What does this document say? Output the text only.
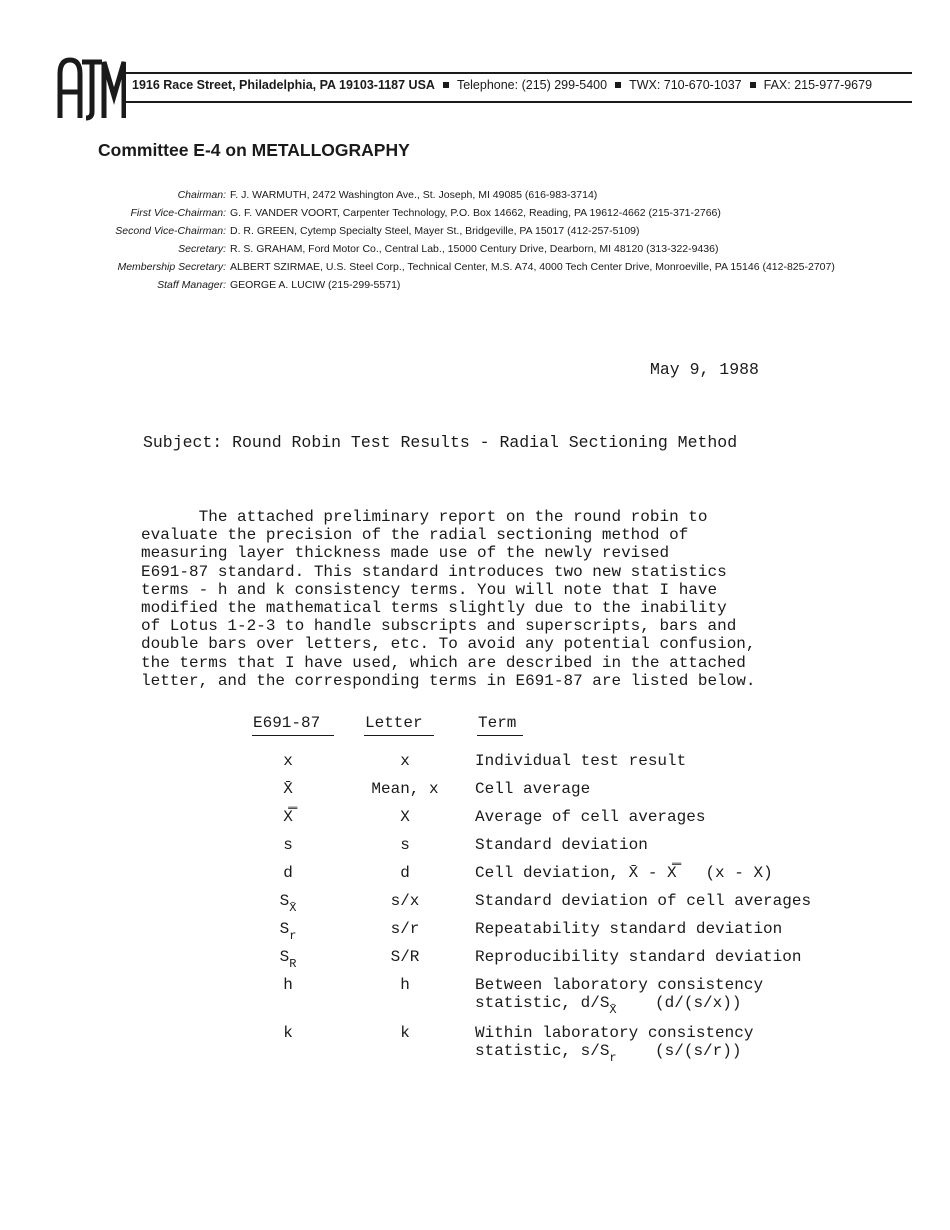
1916 Race Street, Philadelphia, PA 19103-1187 USA Telephone: (215) 299-5400 TWX: 710-670-1037 FAX: 215-977-9679
Committee E-4 on METALLOGRAPHY
Chairman: F. J. WARMUTH, 2472 Washington Ave., St. Joseph, MI 49085 (616-983-3714)
First Vice-Chairman: G. F. VANDER VOORT, Carpenter Technology, P.O. Box 14662, Reading, PA 19612-4662 (215-371-2766)
Second Vice-Chairman: D. R. GREEN, Cytemp Specialty Steel, Mayer St., Bridgeville, PA 15017 (412-257-5109)
Secretary: R. S. GRAHAM, Ford Motor Co., Central Lab., 15000 Century Drive, Dearborn, MI 48120 (313-322-9436)
Membership Secretary: ALBERT SZIRMAE, U.S. Steel Corp., Technical Center, M.S. A74, 4000 Tech Center Drive, Monroeville, PA 15146 (412-825-2707)
Staff Manager: GEORGE A. LUCIW (215-299-5571)
May 9, 1988
Subject: Round Robin Test Results - Radial Sectioning Method
The attached preliminary report on the round robin to
evaluate the precision of the radial sectioning method of
measuring layer thickness made use of the newly revised
E691-87 standard. This standard introduces two new statistics
terms - h and k consistency terms. You will note that I have
modified the mathematical terms slightly due to the inability
of Lotus 1-2-3 to handle subscripts and superscripts, bars and
double bars over letters, etc. To avoid any potential confusion,
the terms that I have used, which are described in the attached
letter, and the corresponding terms in E691-87 are listed below.
E691-87	Letter	Term
x	x	Individual test result
X̄	Mean, x	Cell average
X̿	X	Average of cell averages
s	s	Standard deviation
d	d	Cell deviation, X̄ - X̿ (x - X)
$S_{X̄}$	s/x	Standard deviation of cell averages
$S_r$	s/r	Repeatability standard deviation
$S_R$	S/R	Reproducibility standard deviation
h	h	Between laboratory consistency
statistic, $d/S_{X̄}$ (d/(s/x))
k	k	Within laboratory consistency
statistic, $s/S_r$ (s/(s/r))
